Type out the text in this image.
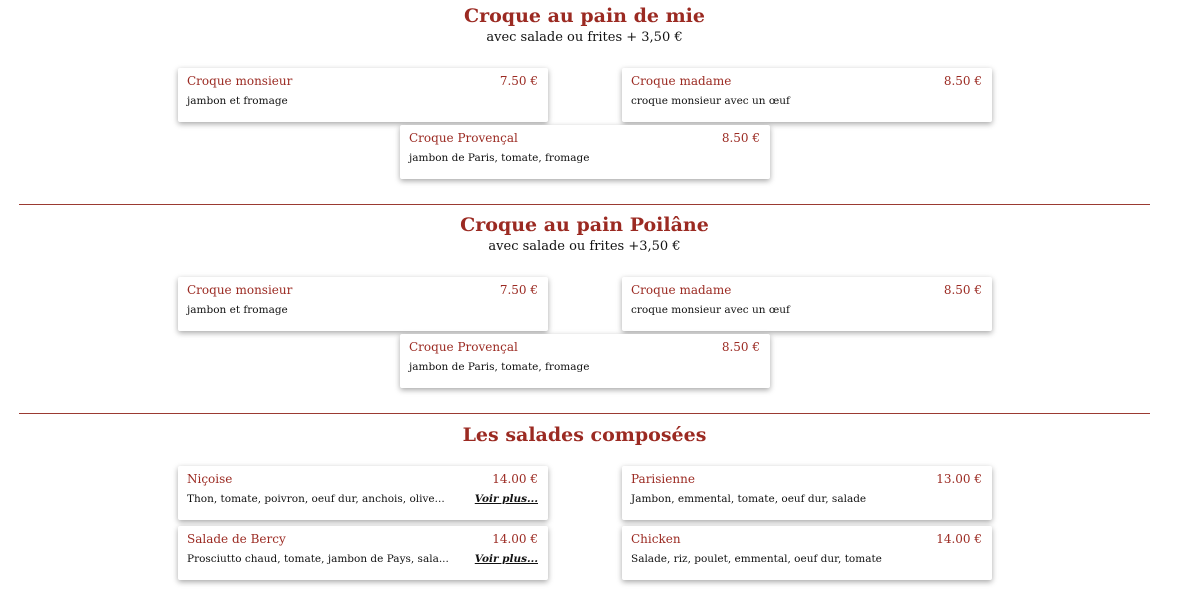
Croque au pain de mie

avec salade ou frites + 3,50 €

Croque monsieur	7.50 €
jambon et fromage
Croque madame	8.50 €
croque monsieur avec un œuf
Croque Provençal	8.50 €
jambon de Paris, tomate, fromage
Croque au pain Poilâne

avec salade ou frites +3,50 €

Croque monsieur	7.50 €
jambon et fromage
Croque madame	8.50 €
croque monsieur avec un œuf
Croque Provençal	8.50 €
jambon de Paris, tomate, fromage
Les salades composées
Niçoise	14.00 €
Thon, tomate, poivron, oeuf dur, anchois, olive...	Voir plus...
Parisienne	13.00 €
Jambon, emmental, tomate, oeuf dur, salade
Salade de Bercy	14.00 €
Prosciutto chaud, tomate, jambon de Pays, sala... Voir plus...
Chicken	14.00 €
Salade, riz, poulet, emmental, oeuf dur, tomate
